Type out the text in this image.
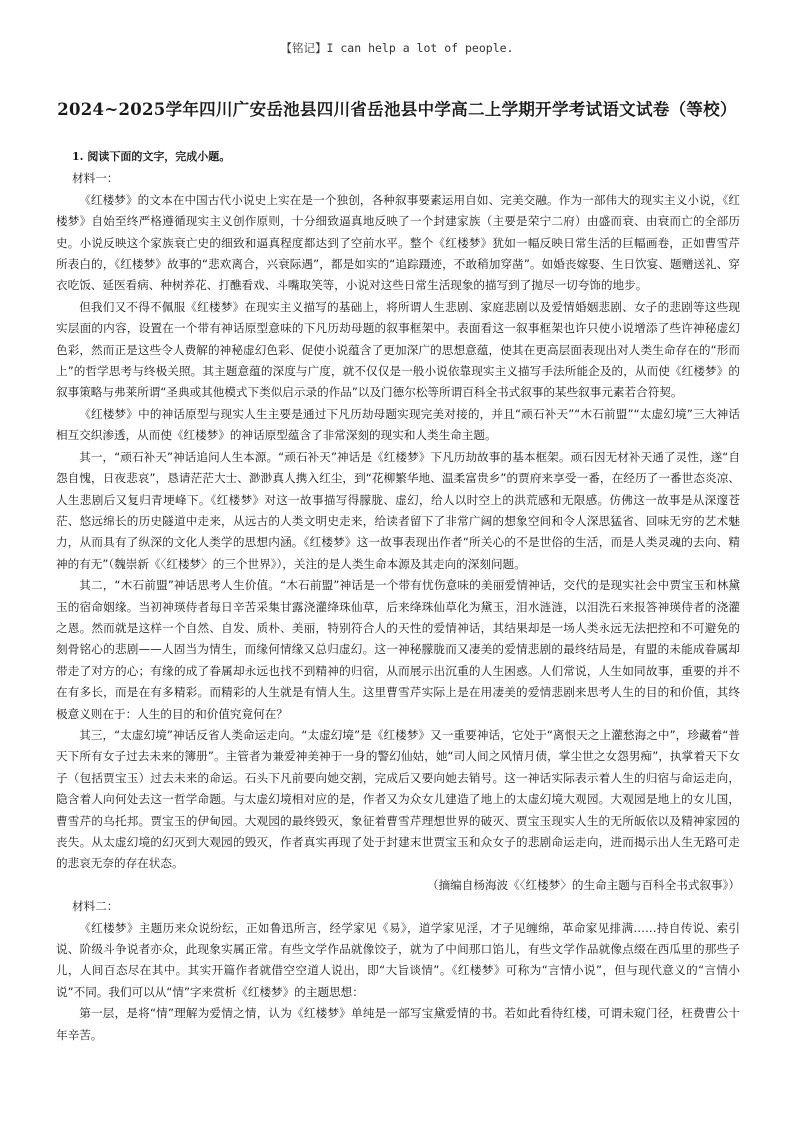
【铭记】I can help a lot of people.
2024~2025学年四川广安岳池县四川省岳池县中学高二上学期开学考试语文试卷（等校）
1. 阅读下面的文字，完成小题。
材料一：

《红楼梦》的文本在中国古代小说史上实在是一个独创，各种叙事要素运用自如、完美交融。作为一部伟大的现实主义小说，《红楼梦》自始至终严格遵循现实主义创作原则，十分细致逼真地反映了一个封建家族（主要是荣宁二府）由盛而衰、由衰而亡的全部历史。小说反映这个家族衰亡史的细致和逼真程度都达到了空前水平。整个《红楼梦》犹如一幅反映日常生活的巨幅画卷，正如曹雪芹所表白的，《红楼梦》故事的“悲欢离合，兴衰际遇”，都是如实的“追踪蹑迹，不敢稍加穿凿”。如婚丧嫁娶、生日饮宴、题赠送礼、穿衣吃饭、延医看病、种树养花、打醮看戏、斗嘴取笑等，小说对这些日常生活现象的描写到了抛尽一切夸饰的地步。

但我们又不得不佩服《红楼梦》在现实主义描写的基础上，将所谓人生悲剧、家庭悲剧以及爱情婚姻悲剧、女子的悲剧等这些现实层面的内容，设置在一个带有神话原型意味的下凡历劫母题的叙事框架中。表面看这一叙事框架也许只使小说增添了些许神秘虚幻色彩，然而正是这些令人费解的神秘虚幻色彩、促使小说蕴含了更加深广的思想意蕴，使其在更高层面表现出对人类生命存在的“形而上”的哲学思考与终极关照。其主题意蕴的深度与广度，就不仅仅是一般小说依靠现实主义描写手法所能企及的，从而使《红楼梦》的叙事策略与弗莱所谓“圣典或其他模式下类似启示录的作品”以及门德尔松等所谓百科全书式叙事的某些叙事元素若合符契。

《红楼梦》中的神话原型与现实人生主要是通过下凡历劫母题实现完美对接的，并且“顽石补天”“木石前盟”“太虚幻境”三大神话相互交织渗透，从而使《红楼梦》的神话原型蕴含了非常深刻的现实和人类生命主题。

其一，“顽石补天”神话追问人生本源。“顽石补天”神话是《红楼梦》下凡历劫故事的基本框架。顽石因无材补天通了灵性，遂“自怨自愧，日夜悲哀”，恳请茫茫大士、渺渺真人携入红尘，到“花柳繁华地、温柔富贵乡”的贾府来享受一番，在经历了一番世态炎凉、人生悲剧后又复归青埂峰下。《红楼梦》对这一故事描写得朦胧、虚幻，给人以时空上的洪荒感和无限感。仿佛这一故事是从深邃苍茫、悠远绵长的历史隧道中走来，从远古的人类文明史走来，给读者留下了非常广阔的想象空间和令人深思猛省、回味无穷的艺术魅力，从而具有了纵深的文化人类学的思想内涵。《红楼梦》这一故事表现出作者“所关心的不是世俗的生活，而是人类灵魂的去向、精神的有无”（魏崇新《〈红楼梦〉的三个世界》），关注的是人类生命本源及其走向的深刻问题。

其二，“木石前盟”神话思考人生价值。“木石前盟”神话是一个带有忧伤意味的美丽爱情神话，交代的是现实社会中贾宝玉和林黛玉的宿命姻缘。当初神瑛侍者每日辛苦采集甘露浇灌绛珠仙草，后来绛珠仙草化为黛玉，泪水涟涟，以泪洗石来报答神瑛侍者的浇灌之恩。然而就是这样一个自然、自发、质朴、美丽，特别符合人的天性的爱情神话，其结果却是一场人类永远无法把控和不可避免的刻骨铭心的悲剧——人固当为情生，而缘何情缘又总归虚幻。这一神秘朦胧而又凄美的爱情悲剧的最终结局是，有盟的未能成眷属却带走了对方的心；有缘的成了眷属却永远也找不到精神的归宿，从而展示出沉重的人生困惑。人们常说，人生如同故事，重要的并不在有多长，而是在有多精彩。而精彩的人生就是有情人生。这里曹雪芹实际上是在用凄美的爱情悲剧来思考人生的目的和价值，其终极意义则在于：人生的目的和价值究竟何在？

其三，“太虚幻境”神话反省人类命运走向。“太虚幻境”是《红楼梦》又一重要神话，它处于“离恨天之上灌愁海之中”，珍藏着“普天下所有女子过去未来的簿册”。主管者为兼爱神美神于一身的警幻仙姑，她“司人间之风情月债，掌尘世之女怨男痴”，执掌着天下女子（包括贾宝玉）过去未来的命运。石头下凡前要向她交割，完成后又要向她去销号。这一神话实际表示着人生的归宿与命运走向，隐含着人向何处去这一哲学命题。与太虚幻境相对应的是，作者又为众女儿建造了地上的太虚幻境大观园。大观园是地上的女儿国，曹雪芹的乌托邦。贾宝玉的伊甸园。大观园的最终毁灭，象征着曹雪芹理想世界的破灭、贾宝玉现实人生的无所皈依以及精神家园的丧失。从太虚幻境的幻灭到大观园的毁灭，作者真实再现了处于封建末世贾宝玉和众女子的悲剧命运走向，进而揭示出人生无路可走的悲哀无奈的存在状态。

（摘编自杨海波《〈红楼梦〉的生命主题与百科全书式叙事》）

材料二：

《红楼梦》主题历来众说纷纭，正如鲁迅所言，经学家见《易》，道学家见淫，才子见缠绵，革命家见排满……持自传说、索引说、阶级斗争说者亦众，此现象实属正常。有些文学作品就像饺子，就为了中间那口馅儿，有些文学作品就像点缀在西瓜里的那些子儿，人间百态尽在其中。其实开篇作者就借空空道人说出，即“大旨谈情”。《红楼梦》可称为“言情小说”，但与现代意义的“言情小说”不同。我们可以从“情”字来赏析《红楼梦》的主题思想：

第一层，是将“情”理解为爱情之情，认为《红楼梦》单纯是一部写宝黛爱情的书。若如此看待红楼，可谓未窥门径，枉费曹公十年辛苦。
